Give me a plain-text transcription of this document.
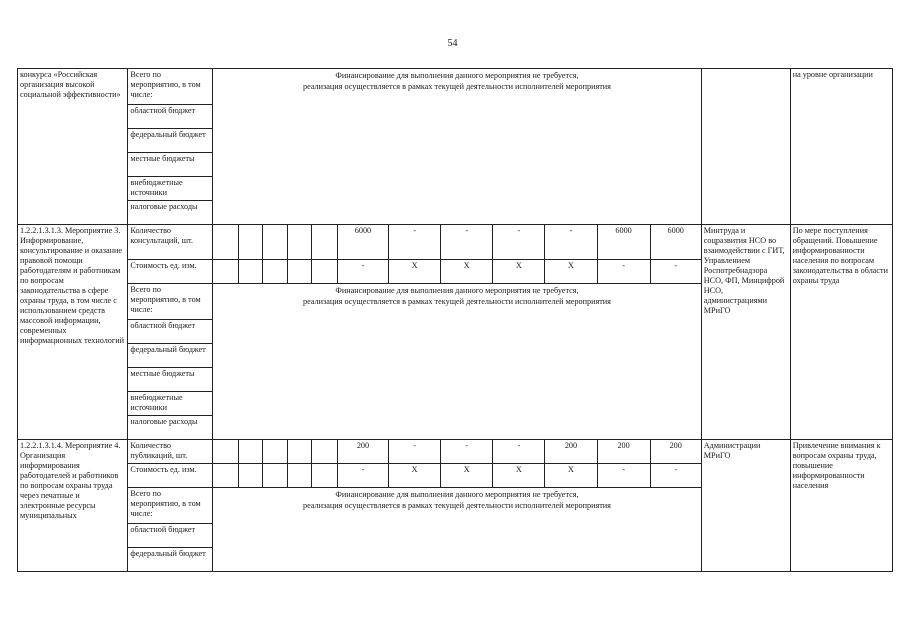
54
конкурса «Российская организация высокой социальной эффективности»	Всего по мероприятию, в том числе:	Финансирование для выполнения данного мероприятия не требуется,
реализация осуществляется в рамках текущей деятельности исполнителей мероприятия													на уровне организации
	областной бюджет														
	федеральный бюджет														
	местные бюджеты														
	внебюджетные источники														
	налоговые расходы														
1.2.2.1.3.1.3. Мероприятие 3. Информирование, консультирование и оказание правовой помощи работодателям и работникам по вопросам законодательства в сфере охраны труда, в том числе с использованием средств массовой информации, современных информационных технологий	Количество консультаций, шт.						6000	-	-	-	-	6000	6000	Минтруда и соцразвития НСО во взаимодействии с ГИТ, Управлением Роспотребнадзора НСО, ФП, Минцифрой НСО, администрациями МРиГО	По мере поступления обращений. Повышение информированности населения по вопросам законодательства в области охраны труда
	Стоимость ед. изм.						-	X	X	X	X	-	-		
	Всего по мероприятию, в том числе:	Финансирование для выполнения данного мероприятия не требуется,
реализация осуществляется в рамках текущей деятельности исполнителей мероприятия													

	областной бюджет														
	федеральный бюджет														
	местные бюджеты														
	внебюджетные источники														
	налоговые расходы														
1.2.2.1.3.1.4. Мероприятие 4. Организация информирования работодателей и работников по вопросам охраны труда через печатные и электронные ресурсы муниципальных	Количество публикаций, шт.						200	-	-	-	200	200	200	Администрации МРиГО	Привлечение внимания к вопросам охраны труда, повышение информированности населения
	Стоимость ед. изм.						-	X	X	X	X	-	-		
	Всего по мероприятию, в том числе:	Финансирование для выполнения данного мероприятия не требуется,
реализация осуществляется в рамках текущей деятельности исполнителей мероприятия													

	областной бюджет														
	федеральный бюджет														
